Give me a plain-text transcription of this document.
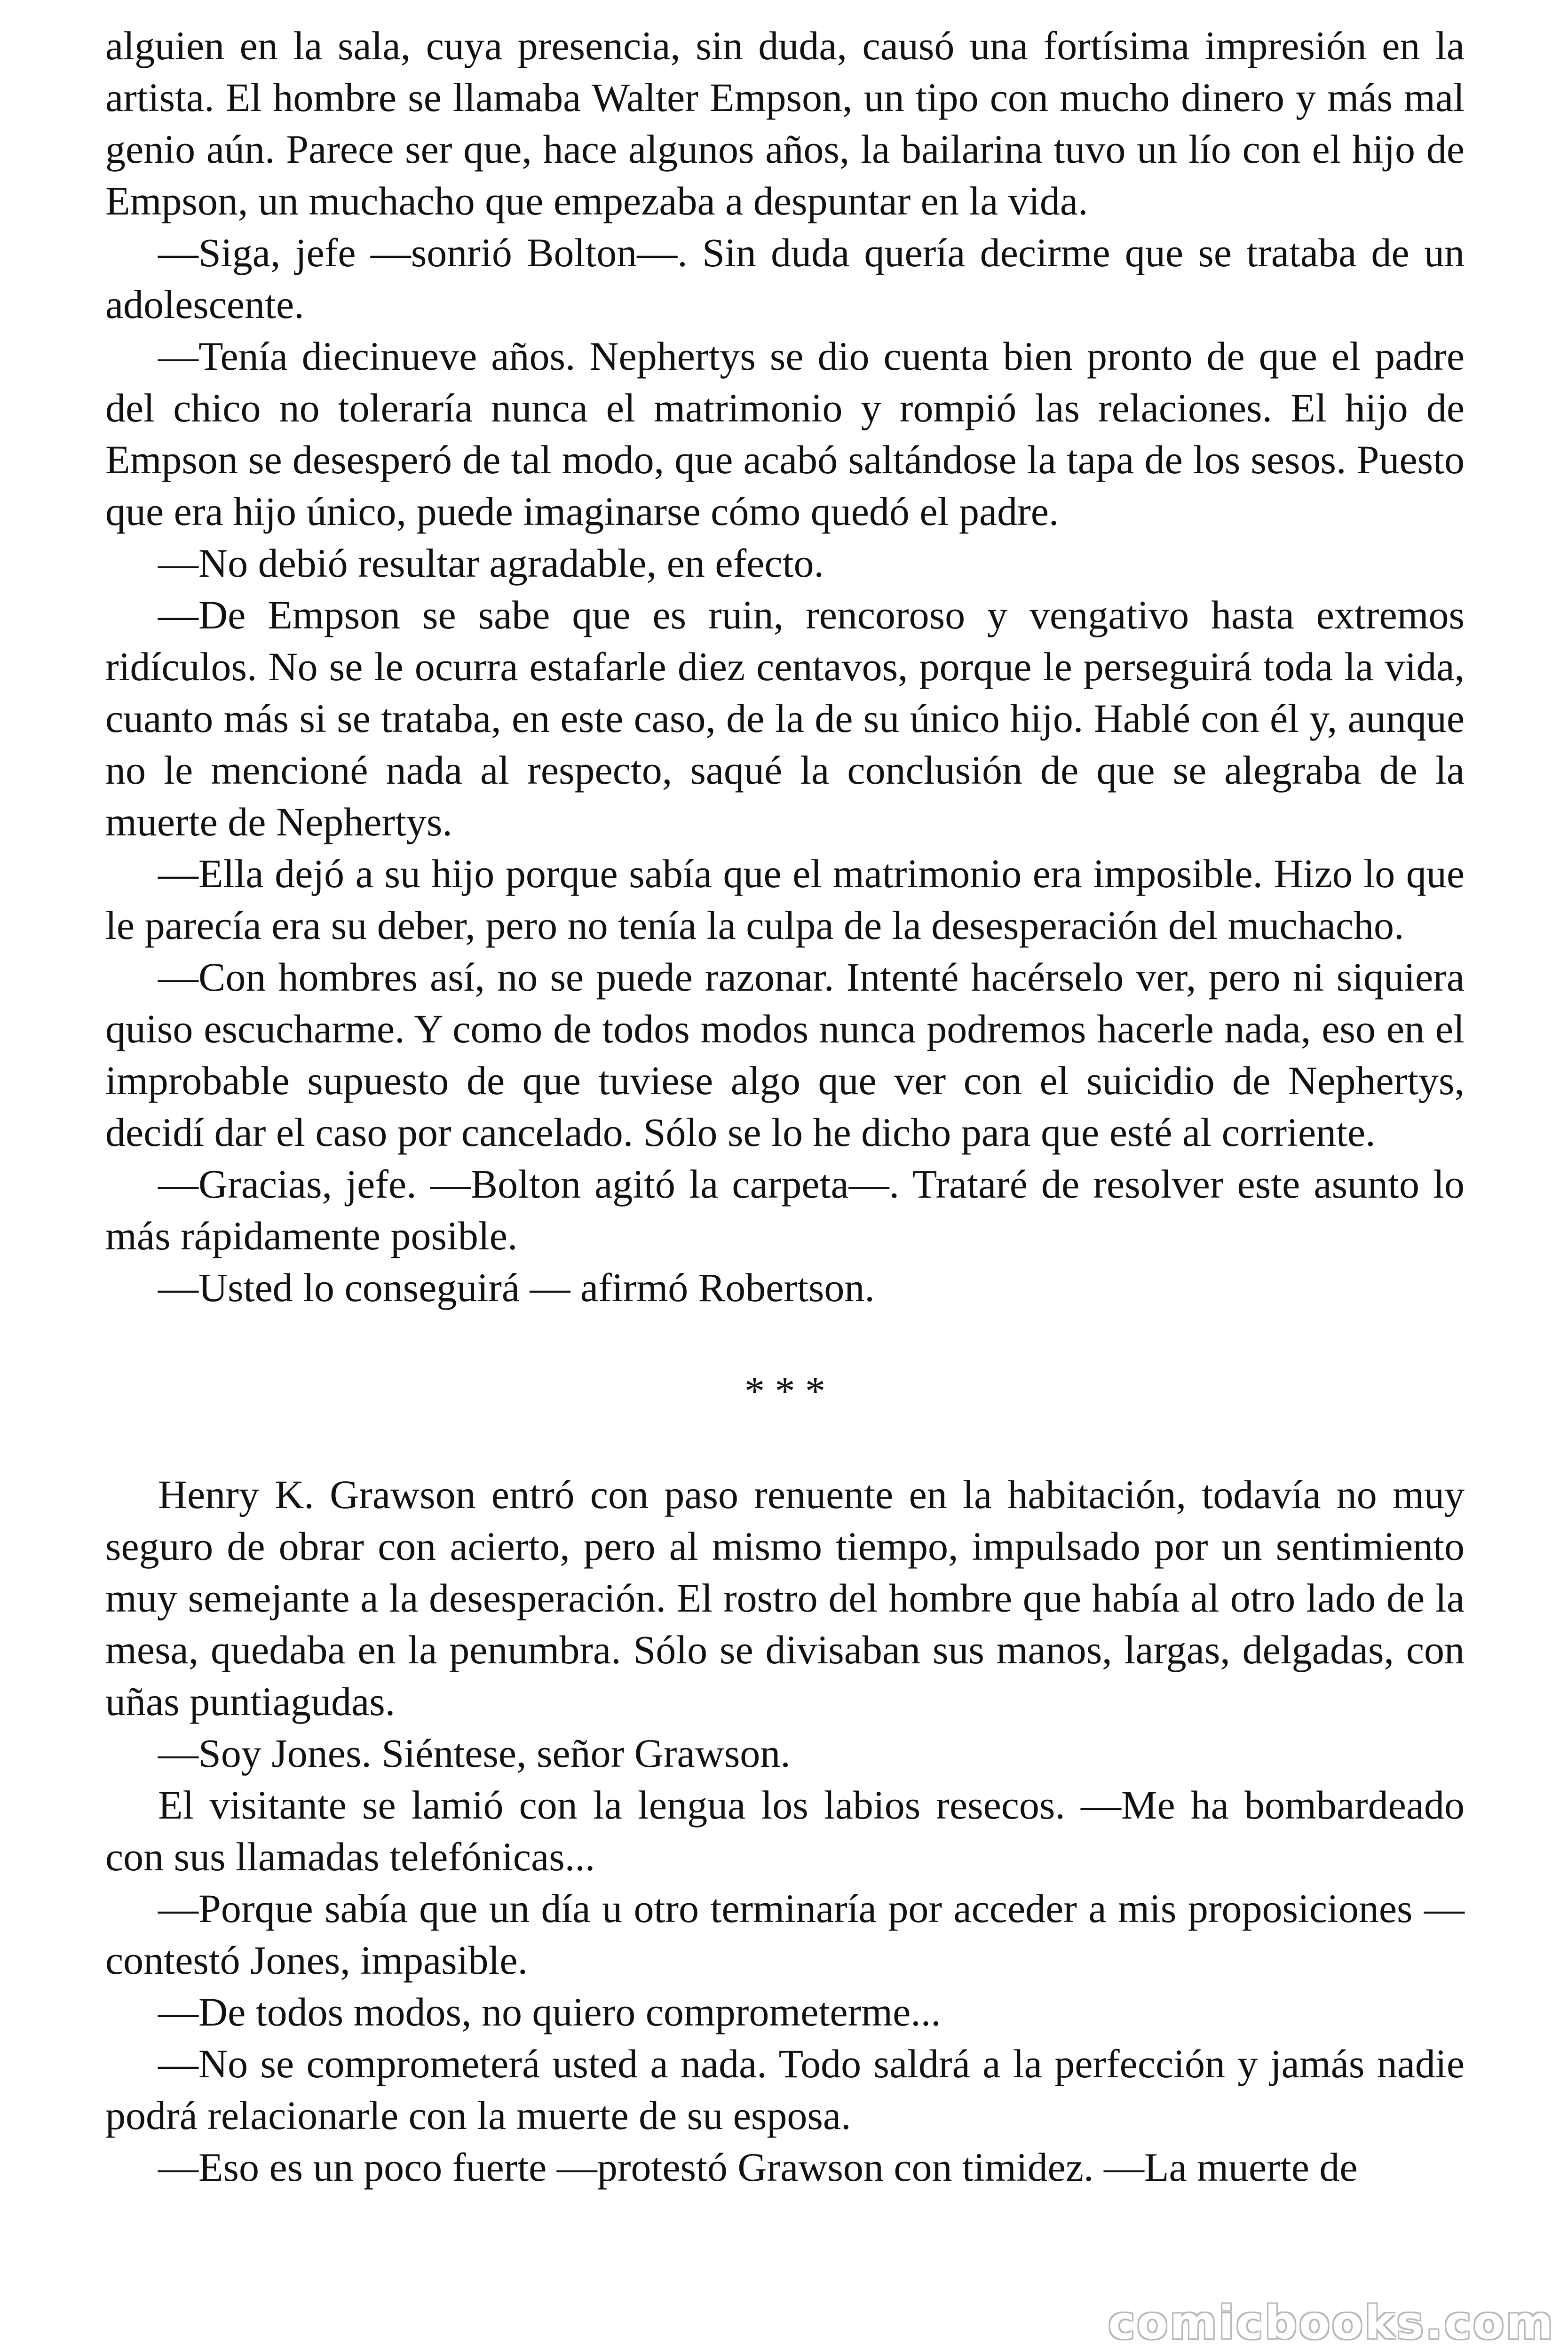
alguien en la sala, cuya presencia, sin duda, causó una fortísima impresión en la artista. El hombre se llamaba Walter Empson, un tipo con mucho dinero y más mal genio aún. Parece ser que, hace algunos años, la bailarina tuvo un lío con el hijo de Empson, un muchacho que empezaba a despuntar en la vida.

—Siga, jefe —sonrió Bolton—. Sin duda quería decirme que se trataba de un adolescente.

—Tenía diecinueve años. Nephertys se dio cuenta bien pronto de que el padre del chico no toleraría nunca el matrimonio y rompió las relaciones. El hijo de Empson se desesperó de tal modo, que acabó saltándose la tapa de los sesos. Puesto que era hijo único, puede imaginarse cómo quedó el padre.

—No debió resultar agradable, en efecto.

—De Empson se sabe que es ruin, rencoroso y vengativo hasta extremos ridículos. No se le ocurra estafarle diez centavos, porque le perseguirá toda la vida, cuanto más si se trataba, en este caso, de la de su único hijo. Hablé con él y, aunque no le mencioné nada al respecto, saqué la conclusión de que se alegraba de la muerte de Nephertys.

—Ella dejó a su hijo porque sabía que el matrimonio era imposible. Hizo lo que le parecía era su deber, pero no tenía la culpa de la desesperación del muchacho.

—Con hombres así, no se puede razonar. Intenté hacérselo ver, pero ni siquiera quiso escucharme. Y como de todos modos nunca podremos hacerle nada, eso en el improbable supuesto de que tuviese algo que ver con el suicidio de Nephertys, decidí dar el caso por cancelado. Sólo se lo he dicho para que esté al corriente.

—Gracias, jefe. —Bolton agitó la carpeta—. Trataré de resolver este asunto lo más rápidamente posible.

—Usted lo conseguirá — afirmó Robertson.

* * *

Henry K. Grawson entró con paso renuente en la habitación, todavía no muy seguro de obrar con acierto, pero al mismo tiempo, impulsado por un sentimiento muy semejante a la desesperación. El rostro del hombre que había al otro lado de la mesa, quedaba en la penumbra. Sólo se divisaban sus manos, largas, delgadas, con uñas puntiagudas.

—Soy Jones. Siéntese, señor Grawson.

El visitante se lamió con la lengua los labios resecos. —Me ha bombardeado con sus llamadas telefónicas...

—Porque sabía que un día u otro terminaría por acceder a mis proposiciones —contestó Jones, impasible.

—De todos modos, no quiero comprometerme...

—No se comprometerá usted a nada. Todo saldrá a la perfección y jamás nadie podrá relacionarle con la muerte de su esposa.

—Eso es un poco fuerte —protestó Grawson con timidez. —La muerte de

comicbooks.com
